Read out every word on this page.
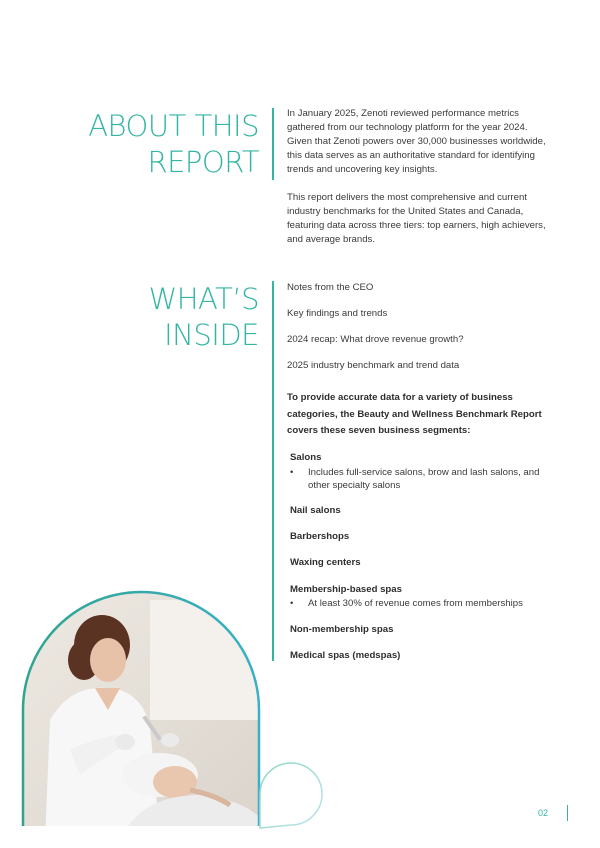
ABOUT THIS
REPORT
In January 2025, Zenoti reviewed performance metrics gathered from our technology platform for the year 2024. Given that Zenoti powers over 30,000 businesses worldwide, this data serves as an authoritative standard for identifying trends and uncovering key insights.
This report delivers the most comprehensive and current industry benchmarks for the United States and Canada, featuring data across three tiers: top earners, high achievers, and average brands.
WHAT’S
INSIDE
Notes from the CEO
Key findings and trends
2024 recap: What drove revenue growth?
2025 industry benchmark and trend data
To provide accurate data for a variety of business categories, the Beauty and Wellness Benchmark Report covers these seven business segments:
Salons
• Includes full-service salons, brow and lash salons, and other specialty salons
Nail salons
Barbershops
Waxing centers
Membership-based spas
• At least 30% of revenue comes from memberships
Non-membership spas
Medical spas (medspas)
02
